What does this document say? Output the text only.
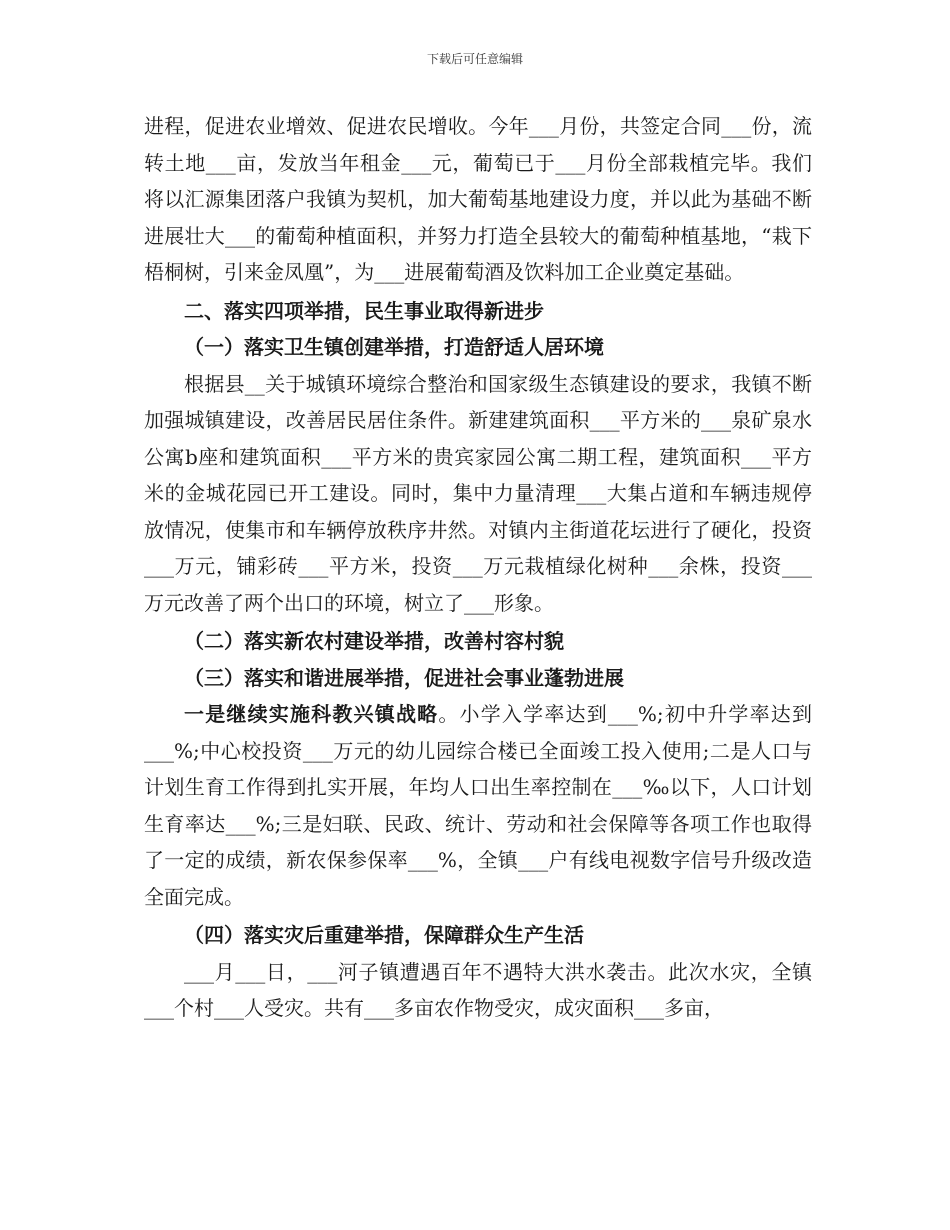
下载后可任意编辑

进程，促进农业增效、促进农民增收。今年___月份，共签定合同___份，流转土地___亩，发放当年租金___元，葡萄已于___月份全部栽植完毕。我们将以汇源集团落户我镇为契机，加大葡萄基地建设力度，并以此为基础不断进展壮大___的葡萄种植面积，并努力打造全县较大的葡萄种植基地，“栽下梧桐树，引来金凤凰”，为___进展葡萄酒及饮料加工企业奠定基础。

二、落实四项举措，民生事业取得新进步

（一）落实卫生镇创建举措，打造舒适人居环境

根据县__关于城镇环境综合整治和国家级生态镇建设的要求，我镇不断加强城镇建设，改善居民居住条件。新建建筑面积___平方米的___泉矿泉水公寓b座和建筑面积___平方米的贵宾家园公寓二期工程，建筑面积___平方米的金城花园已开工建设。同时，集中力量清理___大集占道和车辆违规停放情况，使集市和车辆停放秩序井然。对镇内主街道花坛进行了硬化，投资___万元，铺彩砖___平方米，投资___万元栽植绿化树种___余株，投资___万元改善了两个出口的环境，树立了___形象。

（二）落实新农村建设举措，改善村容村貌

（三）落实和谐进展举措，促进社会事业蓬勃进展

一是继续实施科教兴镇战略。小学入学率达到___%;初中升学率达到___%;中心校投资___万元的幼儿园综合楼已全面竣工投入使用;二是人口与计划生育工作得到扎实开展，年均人口出生率控制在___‰以下，人口计划生育率达___%;三是妇联、民政、统计、劳动和社会保障等各项工作也取得了一定的成绩，新农保参保率___%，全镇___户有线电视数字信号升级改造全面完成。

（四）落实灾后重建举措，保障群众生产生活

___月___日，___河子镇遭遇百年不遇特大洪水袭击。此次水灾，全镇___个村___人受灾。共有___多亩农作物受灾，成灾面积___多亩，
